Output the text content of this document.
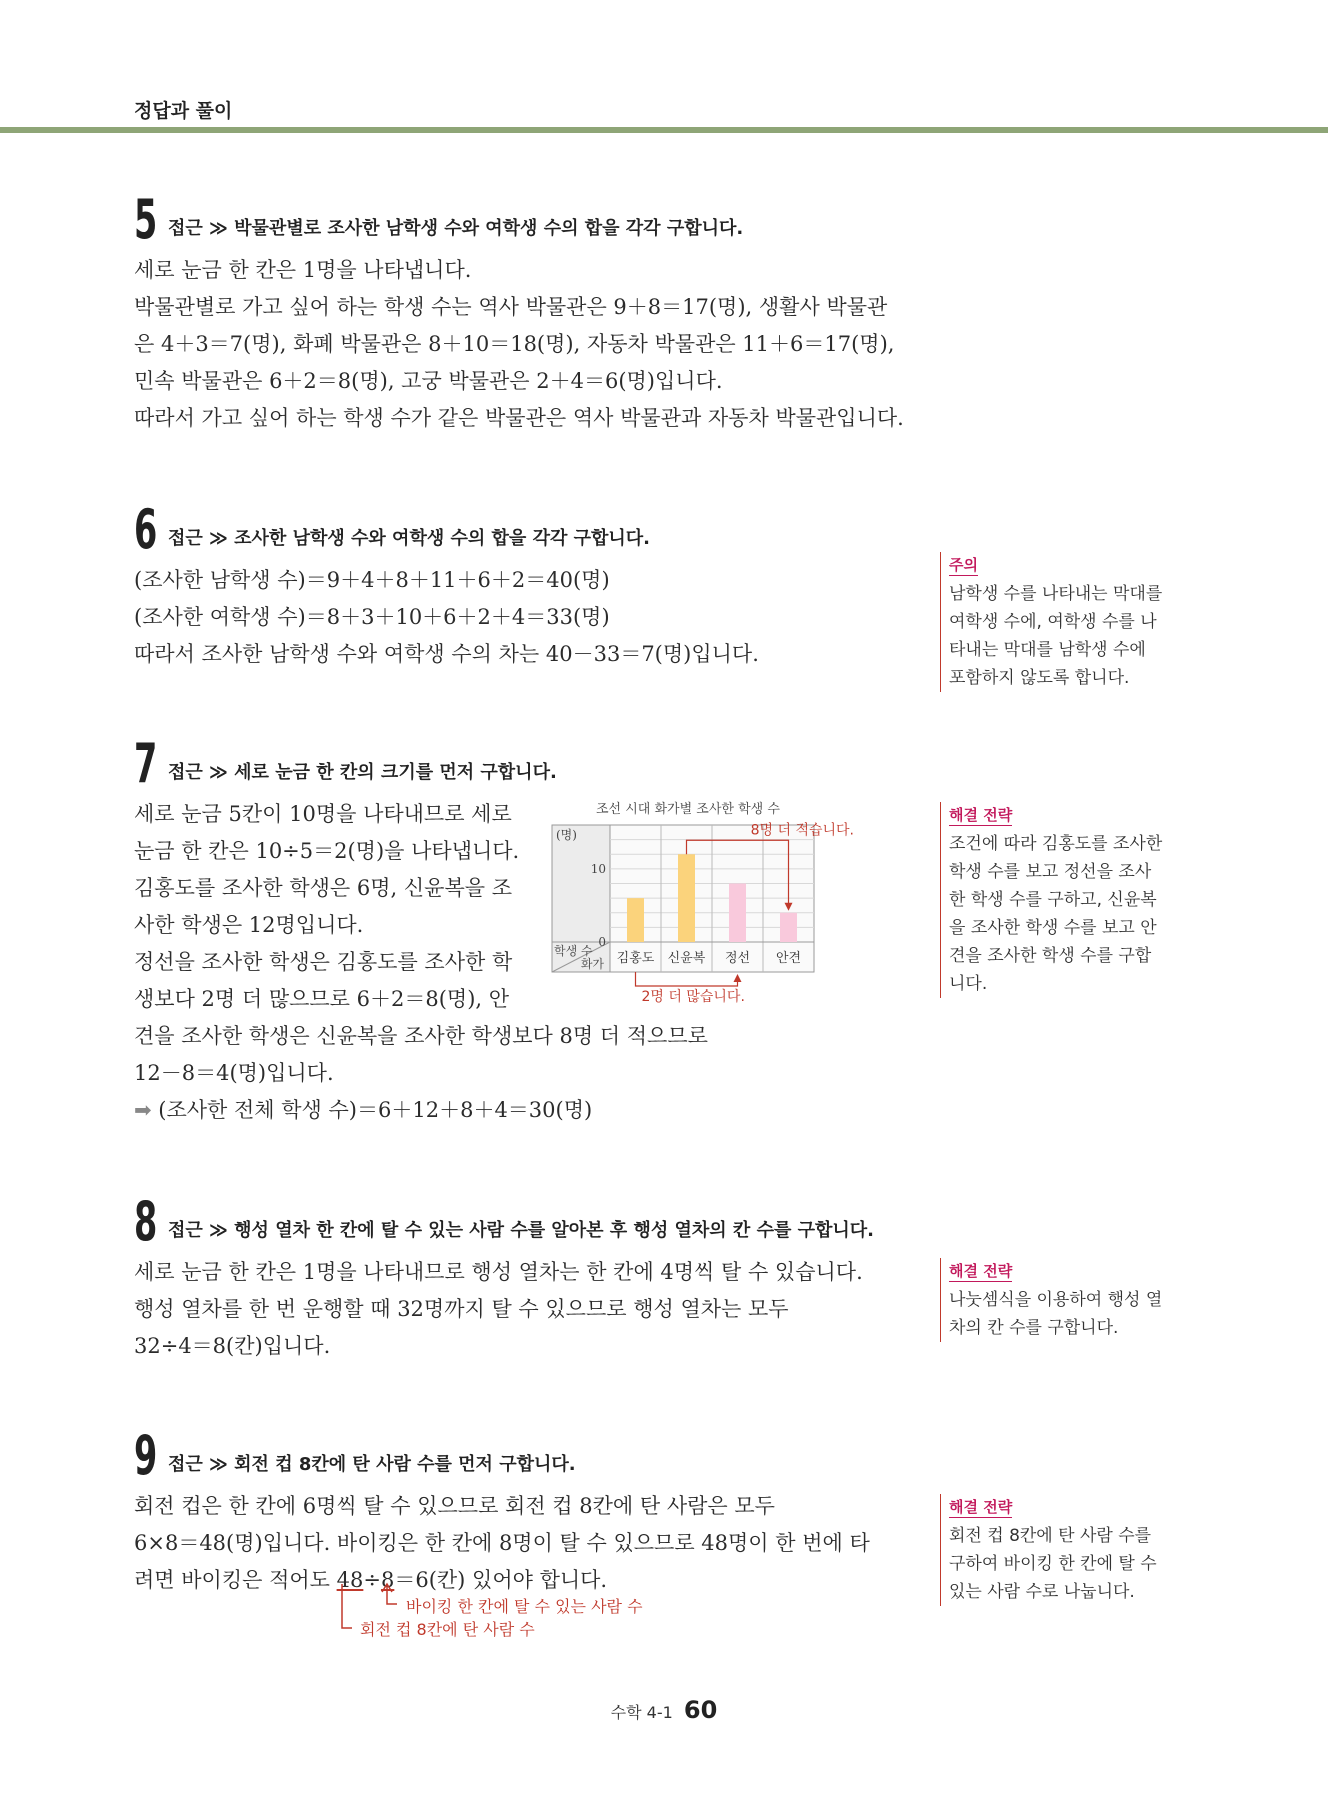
정답과 풀이
5 접근 ≫ 박물관별로 조사한 남학생 수와 여학생 수의 합을 각각 구합니다.
세로 눈금 한 칸은 1명을 나타냅니다.
박물관별로 가고 싶어 하는 학생 수는 역사 박물관은 9＋8＝17(명), 생활사 박물관
은 4＋3＝7(명), 화폐 박물관은 8＋10＝18(명), 자동차 박물관은 11＋6＝17(명),
민속 박물관은 6＋2＝8(명), 고궁 박물관은 2＋4＝6(명)입니다.
따라서 가고 싶어 하는 학생 수가 같은 박물관은 역사 박물관과 자동차 박물관입니다.
6 접근 ≫ 조사한 남학생 수와 여학생 수의 합을 각각 구합니다.
(조사한 남학생 수)＝9＋4＋8＋11＋6＋2＝40(명)
(조사한 여학생 수)＝8＋3＋10＋6＋2＋4＝33(명)
따라서 조사한 남학생 수와 여학생 수의 차는 40－33＝7(명)입니다.
주의
남학생 수를 나타내는 막대를
여학생 수에, 여학생 수를 나
타내는 막대를 남학생 수에
포함하지 않도록 합니다.
7 접근 ≫ 세로 눈금 한 칸의 크기를 먼저 구합니다.
세로 눈금 5칸이 10명을 나타내므로 세로
눈금 한 칸은 10÷5＝2(명)을 나타냅니다.
김홍도를 조사한 학생은 6명, 신윤복을 조
사한 학생은 12명입니다.
정선을 조사한 학생은 김홍도를 조사한 학
생보다 2명 더 많으므로 6＋2＝8(명), 안
견을 조사한 학생은 신윤복을 조사한 학생보다 8명 더 적으므로
12－8＝4(명)입니다.
➡ (조사한 전체 학생 수)＝6＋12＋8＋4＝30(명)
조선 시대 화가별 조사한 학생 수
(명)
0
10
학생 수
화가 김홍도 신윤복 정선 안견
8명 더 적습니다.
2명 더 많습니다.
해결 전략
조건에 따라 김홍도를 조사한
학생 수를 보고 정선을 조사
한 학생 수를 구하고, 신윤복
을 조사한 학생 수를 보고 안
견을 조사한 학생 수를 구합
니다.
8 접근 ≫ 행성 열차 한 칸에 탈 수 있는 사람 수를 알아본 후 행성 열차의 칸 수를 구합니다.
세로 눈금 한 칸은 1명을 나타내므로 행성 열차는 한 칸에 4명씩 탈 수 있습니다.
행성 열차를 한 번 운행할 때 32명까지 탈 수 있으므로 행성 열차는 모두
32÷4＝8(칸)입니다.
해결 전략
나눗셈식을 이용하여 행성 열
차의 칸 수를 구합니다.
9 접근 ≫ 회전 컵 8칸에 탄 사람 수를 먼저 구합니다.
회전 컵은 한 칸에 6명씩 탈 수 있으므로 회전 컵 8칸에 탄 사람은 모두
6×8＝48(명)입니다. 바이킹은 한 칸에 8명이 탈 수 있으므로 48명이 한 번에 타
려면 바이킹은 적어도 48÷8＝6(칸) 있어야 합니다.
바이킹 한 칸에 탈 수 있는 사람 수
회전 컵 8칸에 탄 사람 수
해결 전략
회전 컵 8칸에 탄 사람 수를
구하여 바이킹 한 칸에 탈 수
있는 사람 수로 나눕니다.
수학 4-1 60
